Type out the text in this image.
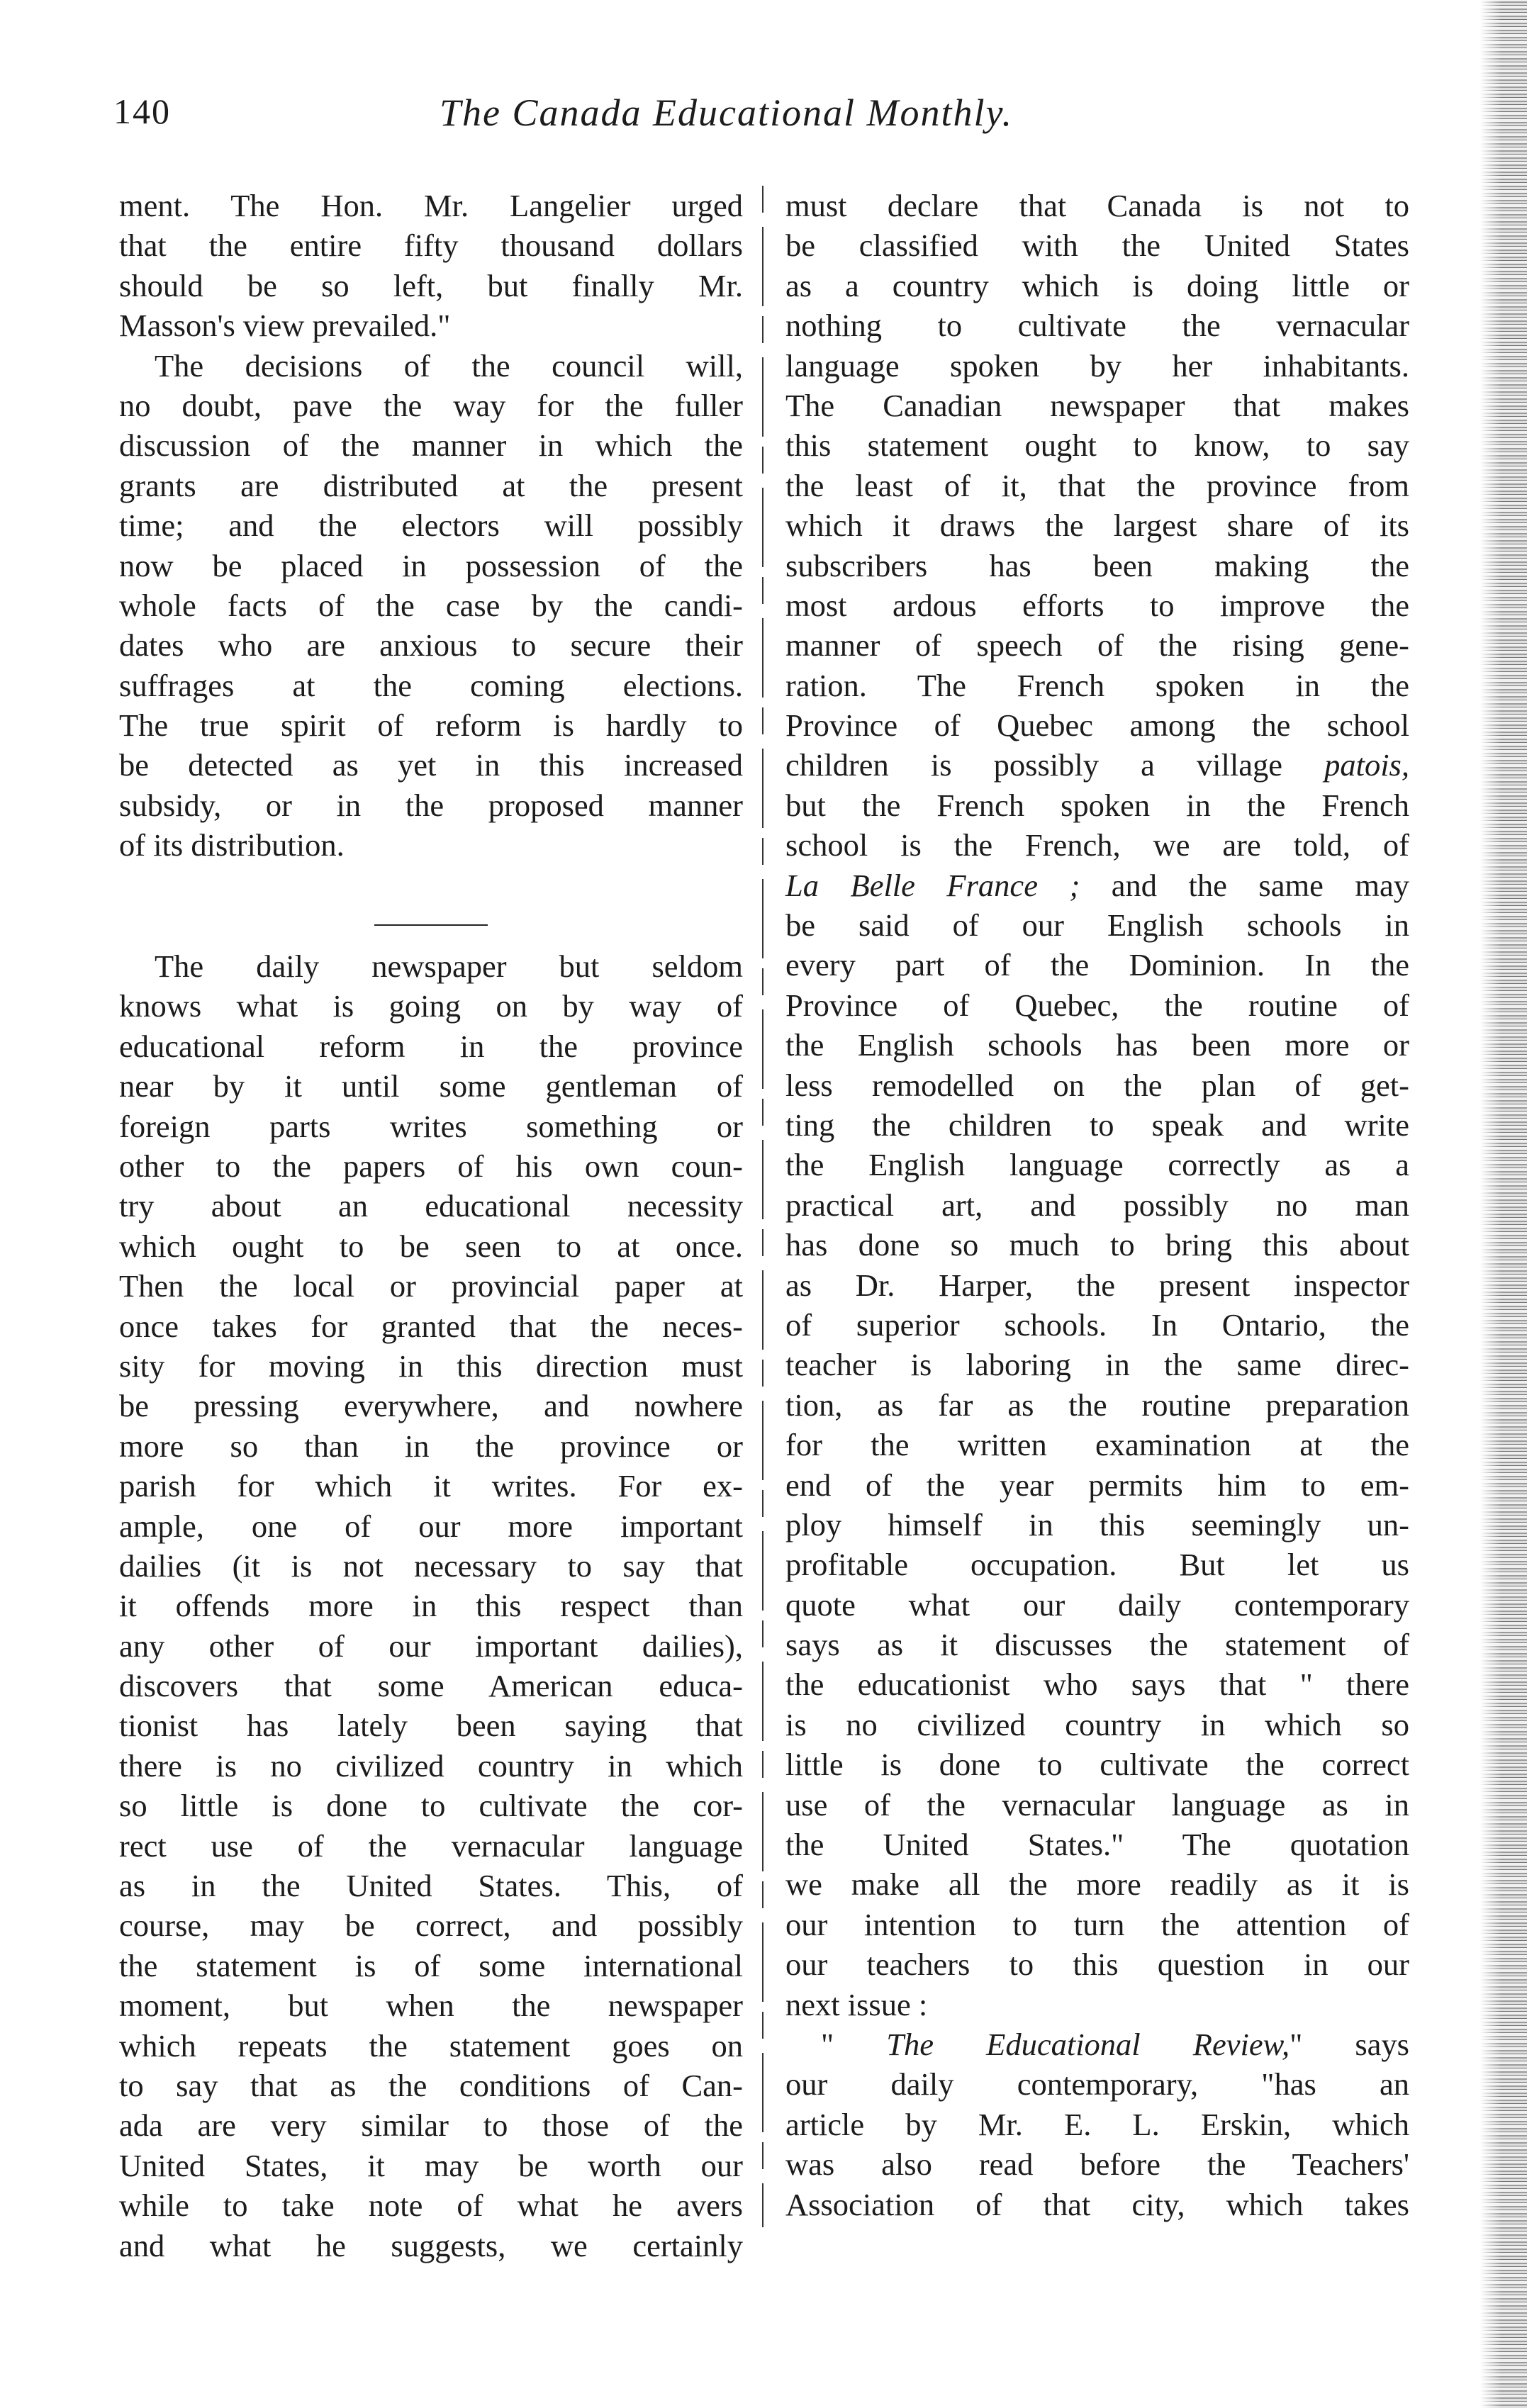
140	The Canada Educational Monthly.
ment. The Hon. Mr. Langelier urged
that the entire fifty thousand dollars
should be so left, but finally Mr.
Masson's view prevailed."
The decisions of the council will,
no doubt, pave the way for the fuller
discussion of the manner in which the
grants are distributed at the present
time; and the electors will possibly
now be placed in possession of the
whole facts of the case by the candi-
dates who are anxious to secure their
suffrages at the coming elections.
The true spirit of reform is hardly to
be detected as yet in this increased
subsidy, or in the proposed manner
of its distribution.
The daily newspaper but seldom
knows what is going on by way of
educational reform in the province
near by it until some gentleman of
foreign parts writes something or
other to the papers of his own coun-
try about an educational necessity
which ought to be seen to at once.
Then the local or provincial paper at
once takes for granted that the neces-
sity for moving in this direction must
be pressing everywhere, and nowhere
more so than in the province or
parish for which it writes. For ex-
ample, one of our more important
dailies (it is not necessary to say that
it offends more in this respect than
any other of our important dailies),
discovers that some American educa-
tionist has lately been saying that
there is no civilized country in which
so little is done to cultivate the cor-
rect use of the vernacular language
as in the United States. This, of
course, may be correct, and possibly
the statement is of some international
moment, but when the newspaper
which repeats the statement goes on
to say that as the conditions of Can-
ada are very similar to those of the
United States, it may be worth our
while to take note of what he avers
and what he suggests, we certainly
must declare that Canada is not to
be classified with the United States
as a country which is doing little or
nothing to cultivate the vernacular
language spoken by her inhabitants.
The Canadian newspaper that makes
this statement ought to know, to say
the least of it, that the province from
which it draws the largest share of its
subscribers has been making the
most ardous efforts to improve the
manner of speech of the rising gene-
ration. The French spoken in the
Province of Quebec among the school
children is possibly a village patois,
but the French spoken in the French
school is the French, we are told, of
La Belle France ; and the same may
be said of our English schools in
every part of the Dominion. In the
Province of Quebec, the routine of
the English schools has been more or
less remodelled on the plan of get-
ting the children to speak and write
the English language correctly as a
practical art, and possibly no man
has done so much to bring this about
as Dr. Harper, the present inspector
of superior schools. In Ontario, the
teacher is laboring in the same direc-
tion, as far as the routine preparation
for the written examination at the
end of the year permits him to em-
ploy himself in this seemingly un-
profitable occupation. But let us
quote what our daily contemporary
says as it discusses the statement of
the educationist who says that " there
is no civilized country in which so
little is done to cultivate the correct
use of the vernacular language as in
the United States." The quotation
we make all the more readily as it is
our intention to turn the attention of
our teachers to this question in our
next issue :
" The Educational Review," says
our daily contemporary, "has an
article by Mr. E. L. Erskin, which
was also read before the Teachers'
Association of that city, which takes
